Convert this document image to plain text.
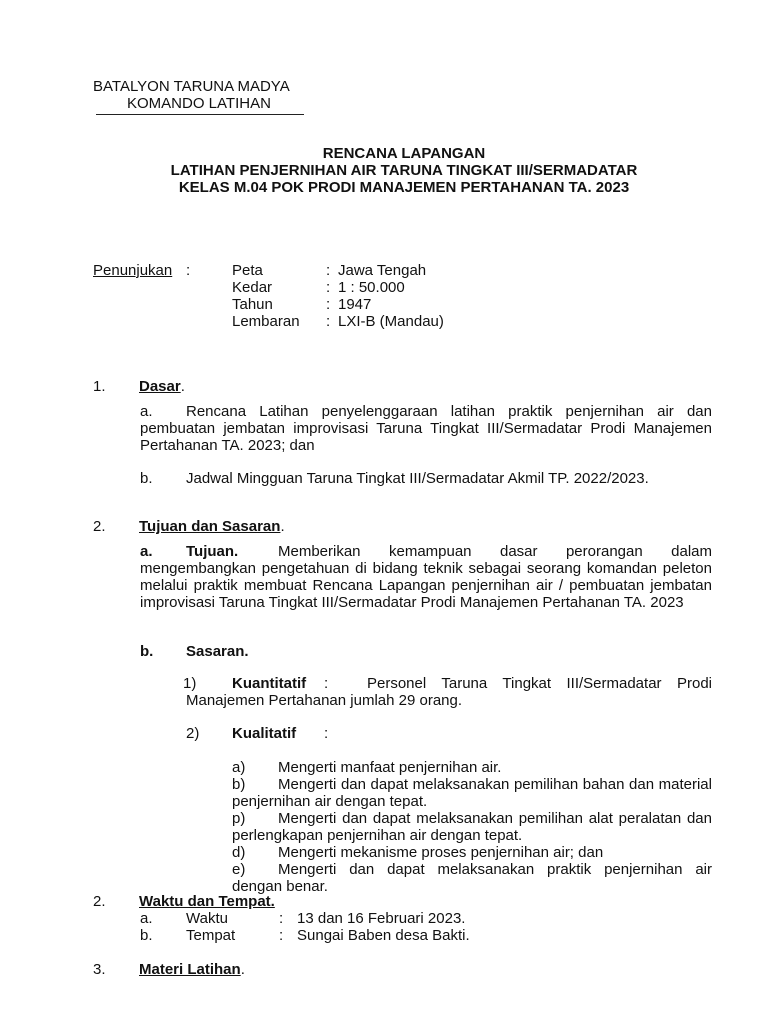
BATALYON TARUNA MADYA
KOMANDO LATIHAN
RENCANA LAPANGAN
LATIHAN PENJERNIHAN AIR TARUNA TINGKAT III/SERMADATAR
KELAS M.04 POK PRODI MANAJEMEN PERTAHANAN TA. 2023
Penunjukan :	Peta	: Jawa Tengah
Kedar	: 1 : 50.000
Tahun	: 1947
Lembaran : LXI-B (Mandau)
1. Dasar.
a.	Rencana Latihan penyelenggaraan latihan praktik penjernihan air dan pembuatan jembatan improvisasi Taruna Tingkat III/Sermadatar Prodi Manajemen Pertahanan TA. 2023; dan
b. Jadwal Mingguan Taruna Tingkat III/Sermadatar Akmil TP. 2022/2023.
2. Tujuan dan Sasaran.
a. Tujuan.	Memberikan kemampuan dasar perorangan dalam mengembangkan pengetahuan di bidang teknik sebagai seorang komandan peleton melalui praktik membuat Rencana Lapangan penjernihan air / pembuatan jembatan improvisasi Taruna Tingkat III/Sermadatar Prodi Manajemen Pertahanan TA. 2023
b. Sasaran.
1) Kuantitatif :	Personel Taruna Tingkat III/Sermadatar Prodi Manajemen Pertahanan jumlah 29 orang.
2) Kualitatif :
a)	Mengerti manfaat penjernihan air.
b)	Mengerti dan dapat melaksanakan pemilihan bahan dan material penjernihan air dengan tepat.
p)	Mengerti dan dapat melaksanakan pemilihan alat peralatan dan perlengkapan penjernihan air dengan tepat.
d)	Mengerti mekanisme proses penjernihan air; dan
e)	Mengerti dan dapat melaksanakan praktik penjernihan air dengan benar.
2. Waktu dan Tempat.
a. Waktu	: 13 dan 16 Februari 2023.
b. Tempat	: Sungai Baben desa Bakti.
3. Materi Latihan.
